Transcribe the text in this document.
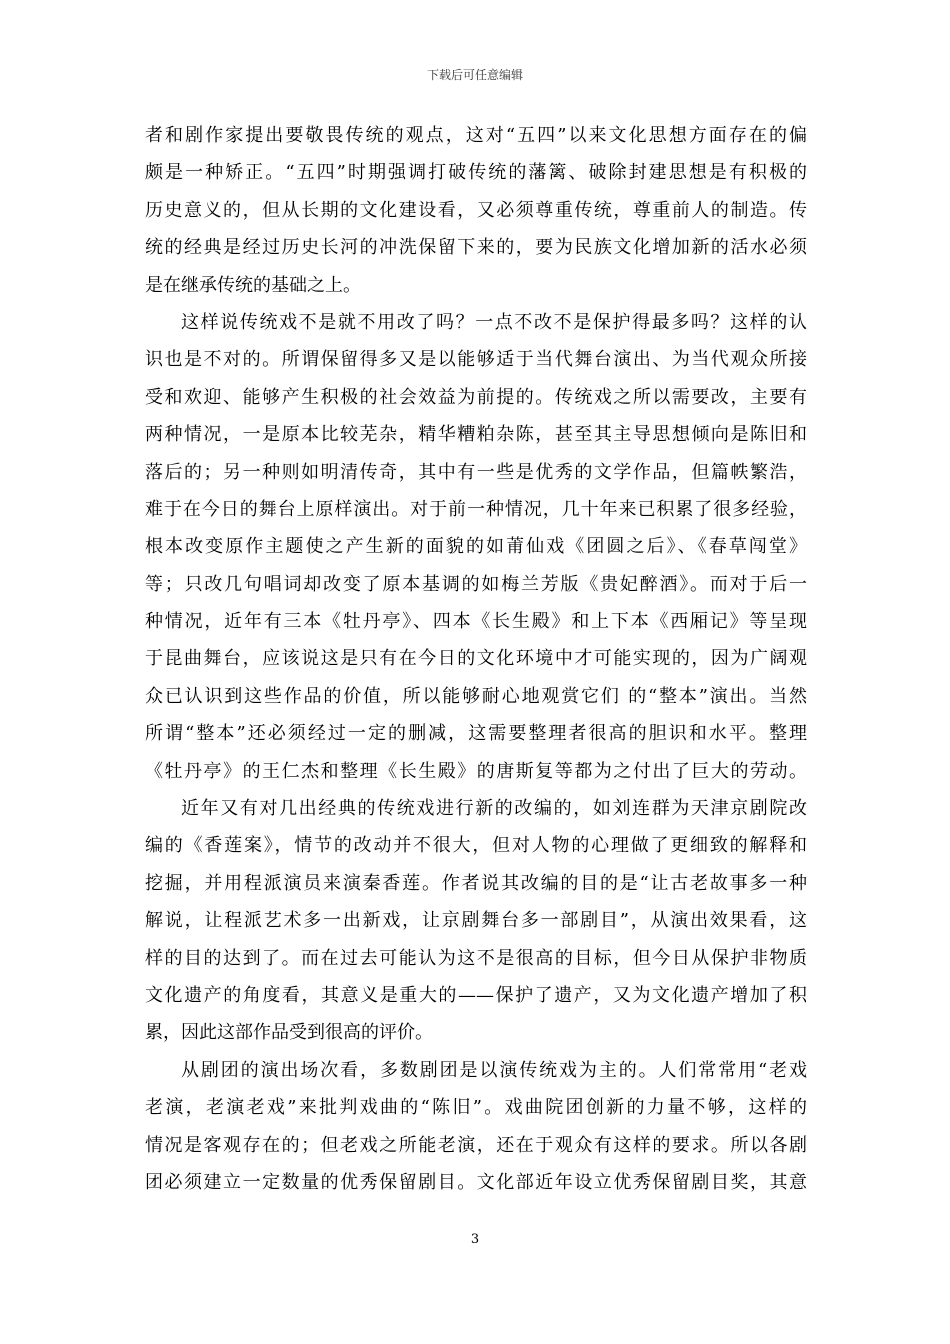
下载后可任意编辑
者和剧作家提出要敬畏传统的观点，这对“五四”以来文化思想方面存在的偏
颇是一种矫正。“五四”时期强调打破传统的藩篱、破除封建思想是有积极的
历史意义的，但从长期的文化建设看，又必须尊重传统，尊重前人的制造。传
统的经典是经过历史长河的冲洗保留下来的，要为民族文化增加新的活水必须
是在继承传统的基础之上。
这样说传统戏不是就不用改了吗？一点不改不是保护得最多吗？这样的认
识也是不对的。所谓保留得多又是以能够适于当代舞台演出、为当代观众所接
受和欢迎、能够产生积极的社会效益为前提的。传统戏之所以需要改，主要有
两种情况，一是原本比较芜杂，精华糟粕杂陈，甚至其主导思想倾向是陈旧和
落后的；另一种则如明清传奇，其中有一些是优秀的文学作品，但篇帙繁浩，
难于在今日的舞台上原样演出。对于前一种情况，几十年来已积累了很多经验，
根本改变原作主题使之产生新的面貌的如莆仙戏《团圆之后》、《春草闯堂》
等；只改几句唱词却改变了原本基调的如梅兰芳版《贵妃醉酒》。而对于后一
种情况，近年有三本《牡丹亭》、四本《长生殿》和上下本《西厢记》等呈现
于昆曲舞台，应该说这是只有在今日的文化环境中才可能实现的，因为广阔观
众已认识到这些作品的价值，所以能够耐心地观赏它们 的“整本”演出。当然
所谓“整本”还必须经过一定的删减，这需要整理者很高的胆识和水平。整理
《牡丹亭》的王仁杰和整理《长生殿》的唐斯复等都为之付出了巨大的劳动。
近年又有对几出经典的传统戏进行新的改编的，如刘连群为天津京剧院改
编的《香莲案》，情节的改动并不很大，但对人物的心理做了更细致的解释和
挖掘，并用程派演员来演秦香莲。作者说其改编的目的是“让古老故事多一种
解说，让程派艺术多一出新戏，让京剧舞台多一部剧目”，从演出效果看，这
样的目的达到了。而在过去可能认为这不是很高的目标，但今日从保护非物质
文化遗产的角度看，其意义是重大的——保护了遗产，又为文化遗产增加了积
累，因此这部作品受到很高的评价。
从剧团的演出场次看，多数剧团是以演传统戏为主的。人们常常用“老戏
老演，老演老戏”来批判戏曲的“陈旧”。戏曲院团创新的力量不够，这样的
情况是客观存在的；但老戏之所能老演，还在于观众有这样的要求。所以各剧
团必须建立一定数量的优秀保留剧目。文化部近年设立优秀保留剧目奖，其意
3
